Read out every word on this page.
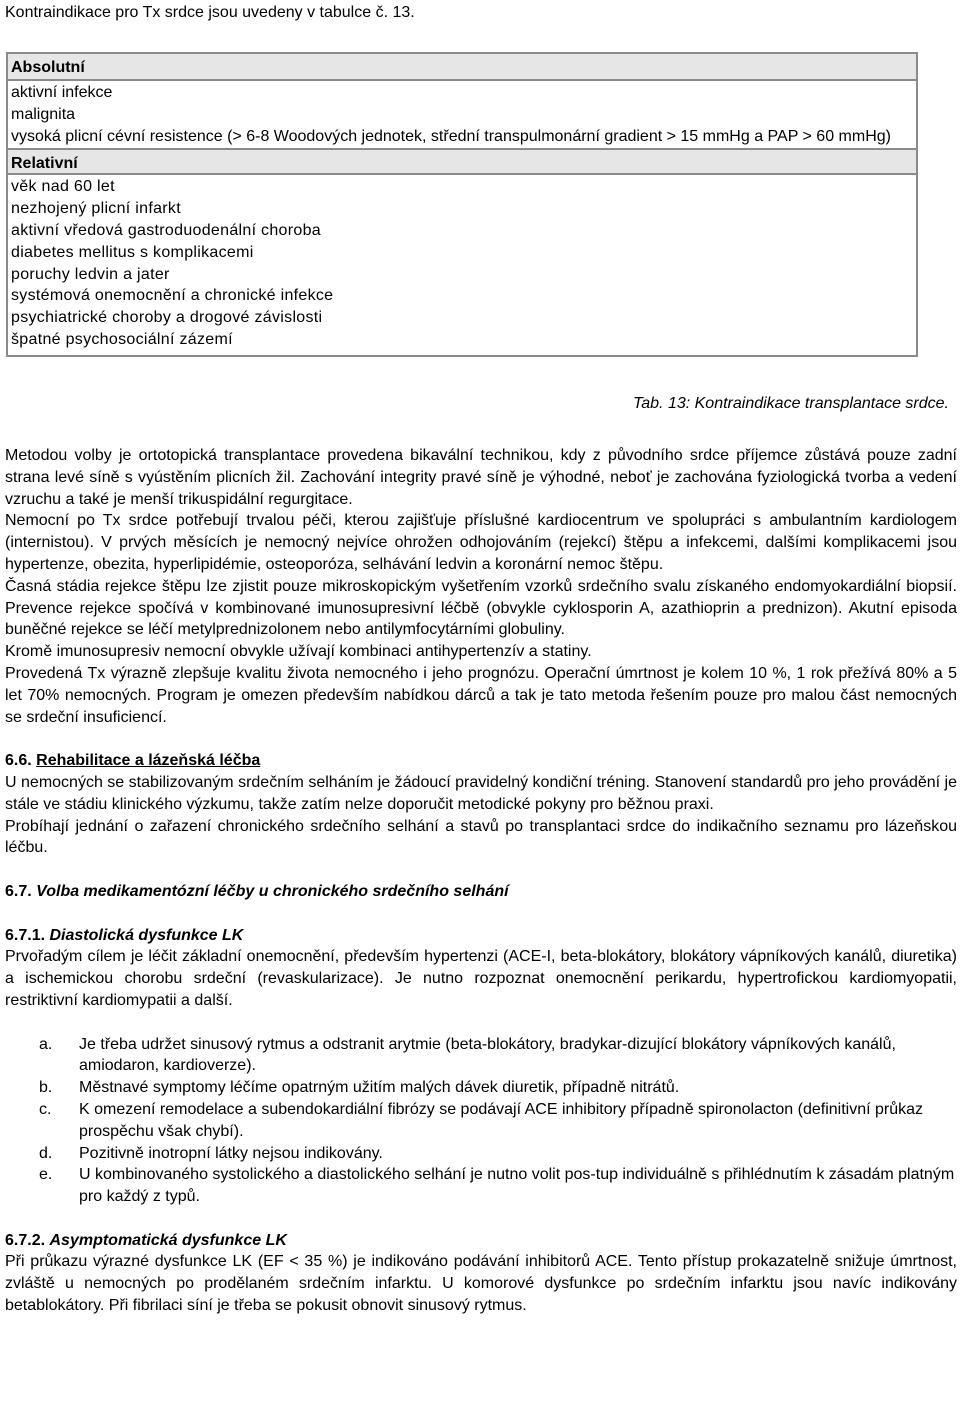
Kontraindikace pro Tx srdce jsou uvedeny v tabulce č. 13.

Absolutní
aktivní infekce
malignita
vysoká plicní cévní resistence (> 6-8 Woodových jednotek, střední transpulmonární gradient > 15 mmHg a PAP > 60 mmHg)
Relativní
věk nad 60 let
nezhojený plicní infarkt
aktivní vředová gastroduodenální choroba
diabetes mellitus s komplikacemi
poruchy ledvin a jater
systémová onemocnění a chronické infekce
psychiatrické choroby a drogové závislosti
špatné psychosociální zázemí
Tab. 13: Kontraindikace transplantace srdce.

Metodou volby je ortotopická transplantace provedena bikavální technikou, kdy z původního srdce příjemce zůstává pouze zadní strana levé síně s vyústěním plicních žil. Zachování integrity pravé síně je výhodné, neboť je zachována fyziologická tvorba a vedení vzruchu a také je menší trikuspidální regurgitace.

Nemocní po Tx srdce potřebují trvalou péči, kterou zajišťuje příslušné kardiocentrum ve spolupráci s ambulantním kardiologem (internistou). V prvých měsících je nemocný nejvíce ohrožen odhojováním (rejekcí) štěpu a infekcemi, dalšími komplikacemi jsou hypertenze, obezita, hyperlipidémie, osteoporóza, selhávání ledvin a koronární nemoc štěpu.

Časná stádia rejekce štěpu lze zjistit pouze mikroskopickým vyšetřením vzorků srdečního svalu získaného endomyokardiální biopsií. Prevence rejekce spočívá v kombinované imunosupresivní léčbě (obvykle cyklosporin A, azathioprin a prednizon). Akutní episoda buněčné rejekce se léčí metylprednizolonem nebo antilymfocytárními globuliny.

Kromě imunosupresiv nemocní obvykle užívají kombinaci antihypertenzív a statiny.

Provedená Tx výrazně zlepšuje kvalitu života nemocného i jeho prognózu. Operační úmrtnost je kolem 10 %, 1 rok přežívá 80% a 5 let 70% nemocných. Program je omezen především nabídkou dárců a tak je tato metoda řešením pouze pro malou část nemocných se srdeční insuficiencí.

6.6. Rehabilitace a lázeňská léčba

U nemocných se stabilizovaným srdečním selháním je žádoucí pravidelný kondiční tréning. Stanovení standardů pro jeho provádění je stále ve stádiu klinického výzkumu, takže zatím nelze doporučit metodické pokyny pro běžnou praxi.

Probíhají jednání o zařazení chronického srdečního selhání a stavů po transplantaci srdce do indikačního seznamu pro lázeňskou léčbu.

6.7. Volba medikamentózní léčby u chronického srdečního selhání

6.7.1. Diastolická dysfunkce LK

Prvořadým cílem je léčit základní onemocnění, především hypertenzi (ACE-I, beta-blokátory, blokátory vápníkových kanálů, diuretika) a ischemickou chorobu srdeční (revaskularizace). Je nutno rozpoznat onemocnění perikardu, hypertrofickou kardiomyopatii, restriktivní kardiomypatii a další.

a. Je třeba udržet sinusový rytmus a odstranit arytmie (beta-blokátory, bradykar-dizující blokátory vápníkových kanálů, amiodaron, kardioverze).
b. Městnavé symptomy léčíme opatrným užitím malých dávek diuretik, případně nitrátů.
c. K omezení remodelace a subendokardiální fibrózy se podávají ACE inhibitory případně spironolacton (definitivní průkaz prospěchu však chybí).
d. Pozitivně inotropní látky nejsou indikovány.
e. U kombinovaného systolického a diastolického selhání je nutno volit pos-tup individuálně s přihlédnutím k zásadám platným pro každý z typů.

6.7.2. Asymptomatická dysfunkce LK

Při průkazu výrazné dysfunkce LK (EF < 35 %) je indikováno podávání inhibitorů ACE. Tento přístup prokazatelně snižuje úmrtnost, zvláště u nemocných po prodělaném srdečním infarktu. U komorové dysfunkce po srdečním infarktu jsou navíc indikovány betablokátory. Při fibrilaci síní je třeba se pokusit obnovit sinusový rytmus.
